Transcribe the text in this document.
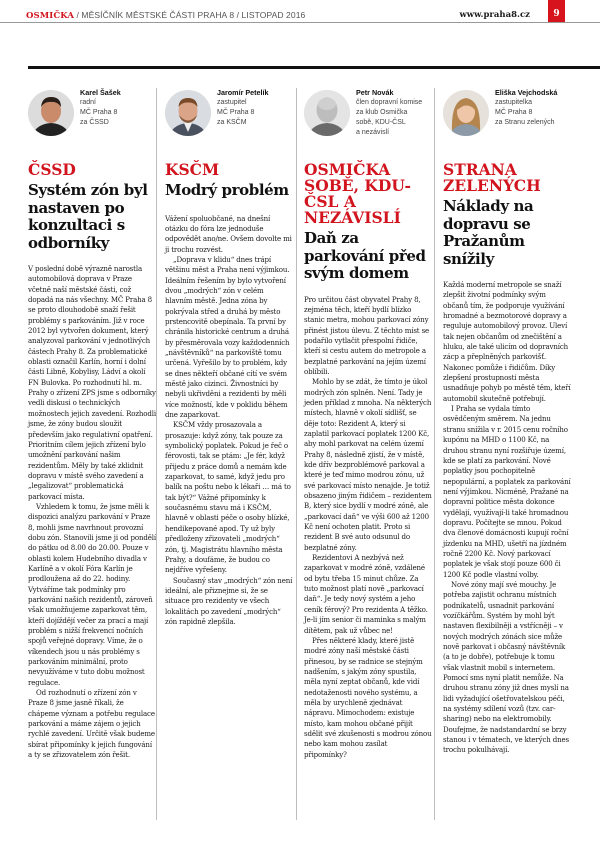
OSMIČKA / MĚSÍČNÍK MĚSTSKÉ ČÁSTI PRAHA 8 / LISTOPAD 2016	www.praha8.cz	9
Karel Šašek
radní
MČ Praha 8
za ČSSD
ČSSD
Systém zón byl nastaven po konzultaci s odborníky

V poslední době výrazně narostla automobilová doprava v Praze včetně naší městské části, což dopadá na nás všechny. MČ Praha 8 se proto dlouhodobě snaží řešit problémy s parkováním. Již v roce 2012 byl vytvořen dokument, který analyzoval parkování v jednotlivých částech Prahy 8. Za problematické oblasti označil Karlín, horní i dolní části Libně, Kobylisy, Ládví a okolí FN Bulovka. Po rozhodnutí hl. m. Prahy o zřízení ZPS jsme s odborníky vedli diskusi o technických možnostech jejich zavedení. Rozhodli jsme, že zóny budou sloužit především jako regulativní opatření. Prioritním cílem jejich zřízení bylo umožnění parkování našim rezidentům. Měly by také zklidnit dopravu v místě svého zavedení a „legalizovat“ problematická parkovací místa.

Vzhledem k tomu, že jsme měli k dispozici analýzu parkování v Praze 8, mohli jsme navrhnout provozní dobu zón. Stanovili jsme ji od pondělí do pátku od 8.00 do 20.00. Pouze v oblasti kolem Hudebního divadla v Karlíně a v okolí Fóra Karlín je prodloužena až do 22. hodiny. Vytváříme tak podmínky pro parkování našich rezidentů, zároveň však umožňujeme zaparkovat těm, kteří dojíždějí večer za prací a mají problém s nižší frekvencí nočních spojů veřejné dopravy. Víme, že o víkendech jsou u nás problémy s parkováním minimální, proto nevyužíváme v tuto dobu možnost regulace.

Od rozhodnutí o zřízení zón v Praze 8 jsme jasně říkali, že chápeme význam a potřebu regulace parkování a máme zájem o jejich rychlé zavedení. Určitě však budeme sbírat připomínky k jejich fungování a ty se zřizovatelem zón řešit.

Jaromír Petelík
zastupitel
MČ Praha 8
za KSČM
KSČM
Modrý problém

Vážení spoluobčané, na dnešní otázku do fóra lze jednoduše odpovědět ano/ne. Ovšem dovolte mi ji trochu rozvést.

„Doprava v klidu“ dnes trápí většinu měst a Praha není výjimkou. Ideálním řešením by bylo vytvoření dvou „modrých“ zón v celém hlavním městě. Jedna zóna by pokrývala střed a druhá by město prstencovitě obepínala. Ta první by chránila historické centrum a druhá by přesměrovala vozy každodenních „návštěvníků“ na parkoviště tomu určená. Vyřešilo by to problém, kdy se dnes někteří občané cítí ve svém městě jako cizinci. Živnostníci by nebyli ukřivděni a rezidenti by měli více možností, kde v poklidu během dne zaparkovat.

KSČM vždy prosazovala a prosazuje: když zóny, tak pouze za symbolický poplatek. Pokud je řeč o férovosti, tak se ptám: „Je fér, když přijedu z práce domů a nemám kde zaparkovat, to samé, když jedu pro balík na poštu nebo k lékaři … má to tak být?“ Vážné připomínky k současnému stavu má i KSČM, hlavně v oblasti péče o osoby blízké, hendikepované apod. Ty už byly předloženy zřizovateli „modrých“ zón, tj. Magistrátu hlavního města Prahy, a doufáme, že budou co nejdříve vyřešeny.

Současný stav „modrých“ zón není ideální, ale přiznejme si, že se situace pro rezidenty ve všech lokalitách po zavedení „modrých“ zón rapidně zlepšila.

Petr Novák
člen dopravní komise
za klub Osmička
sobě, KDU-ČSL
a nezávislí
OSMIČKA SOBĚ, KDU-ČSL A NEZÁVISLÍ
Daň za parkování před svým domem

Pro určitou část obyvatel Prahy 8, zejména těch, kteří bydlí blízko stanic metra, mohou parkovací zóny přinést jistou úlevu. Z těchto míst se podařilo vytlačit přespolní řidiče, kteří si cestu autem do metropole a bezplatné parkování na jejím území oblíbili.

Mohlo by se zdát, že tímto je úkol modrých zón splněn. Není. Tady je jeden příklad z mnoha. Na některých místech, hlavně v okolí sídlišť, se děje toto: Rezident A, který si zaplatil parkovací poplatek 1200 Kč, aby mohl parkovat na celém území Prahy 8, následně zjistí, že v místě, kde dřív bezproblémově parkoval a které je teď mimo modrou zónu, už své parkovací místo nenajde. Je totiž obsazeno jiným řidičem – rezidentem B, který sice bydlí v modré zóně, ale „parkovací daň“ ve výši 600 až 1200 Kč není ochoten platit. Proto si rezident B své auto odsunul do bezplatné zóny.

Rezidentovi A nezbývá než zaparkovat v modré zóně, vzdálené od bytu třeba 15 minut chůze. Za tuto možnost platí nově „parkovací daň“. Je tedy nový systém a jeho ceník férový? Pro rezidenta A těžko. Je-li jím senior či maminka s malým dítětem, pak už vůbec ne!

Přes některé klady, které jistě modré zóny naší městské části přinesou, by se radnice se stejným nadšením, s jakým zóny spustila, měla nyní zeptat občanů, kde vidí nedotaženosti nového systému, a měla by urychleně zjednávat nápravu. Mimochodem: existuje místo, kam mohou občané přijít sdělit své zkušenosti s modrou zónou nebo kam mohou zasílat připomínky?

Eliška Vejchodská
zastupitelka
MČ Praha 8
za Stranu zelených
STRANA ZELENÝCH
Náklady na dopravu se Pražanům snížily

Každá moderní metropole se snaží zlepšit životní podmínky svým občanů tím, že podporuje využívání hromadné a bezmotorové dopravy a reguluje automobilový provoz. Uleví tak nejen občanům od znečištění a hluku, ale také ulicím od dopravních zácp a přeplněných parkovišť. Nakonec pomůže i řidičům. Díky zlepšení prostupnosti města usnadňuje pohyb po městě těm, kteří automobil skutečně potřebují.

I Praha se vydala tímto osvědčeným směrem. Na jednu stranu snížila v r. 2015 cenu ročního kupónu na MHD o 1100 Kč, na druhou stranu nyní rozšiřuje území, kde se platí za parkování. Nové poplatky jsou pochopitelně nepopulární, a poplatek za parkování není výjimkou. Nicméně, Pražané na dopravní politice města dokonce vydělají, využívají-li také hromadnou dopravu. Počítejte se mnou. Pokud dva členové domácnosti kupují roční jízdenku na MHD, ušetří na jízdném ročně 2200 Kč. Nový parkovací poplatek je však stojí pouze 600 či 1200 Kč podle vlastní volby.

Nové zóny mají své mouchy. Je potřeba zajistit ochranu místních podnikatelů, usnadnit parkování vozíčkářům. Systém by mohl být nastaven flexibilněji a vstřícněji – v nových modrých zónách sice může nově parkovat i občasný návštěvník (a to je dobře), potřebuje k tomu však vlastnit mobil s internetem. Pomocí sms nyní platit nemůže. Na druhou stranu zóny již dnes myslí na lidi vyžadující ošetřovatelskou péči, na systémy sdílení vozů (tzv. car-sharing) nebo na elektromobily. Doufejme, že nadstandardní se brzy stanou i v tématech, ve kterých dnes trochu pokulhávají.
